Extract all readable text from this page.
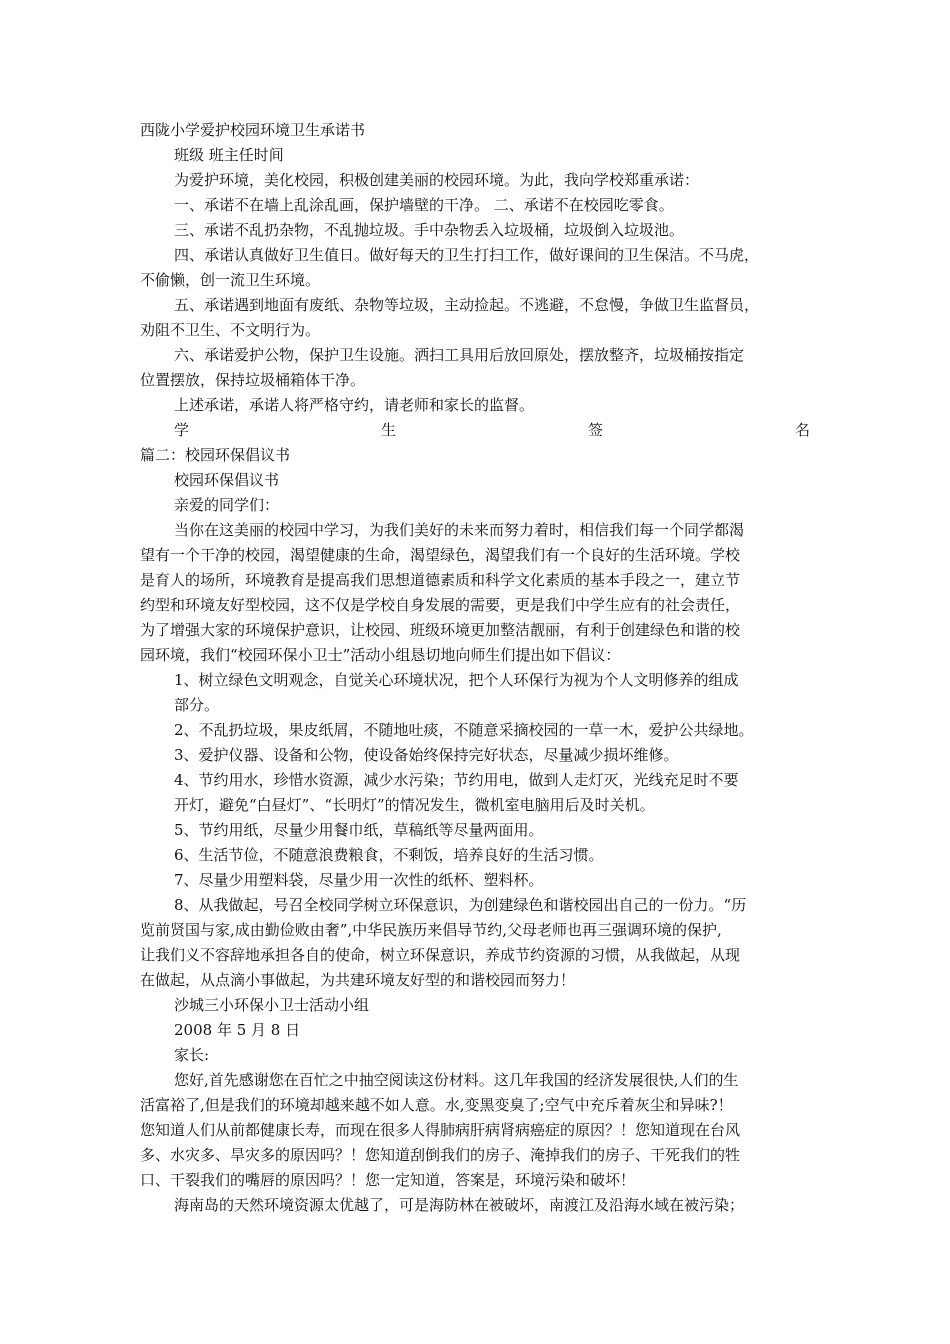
西陇小学爱护校园环境卫生承诺书
班级 班主任时间
为爱护环境，美化校园，积极创建美丽的校园环境。为此，我向学校郑重承诺：
一、承诺不在墙上乱涂乱画，保护墙壁的干净。 二、承诺不在校园吃零食。
三、承诺不乱扔杂物，不乱抛垃圾。手中杂物丢入垃圾桶，垃圾倒入垃圾池。
四、承诺认真做好卫生值日。做好每天的卫生打扫工作，做好课间的卫生保洁。不马虎，
不偷懒，创一流卫生环境。
五、承诺遇到地面有废纸、杂物等垃圾，主动捡起。不逃避，不怠慢，争做卫生监督员，
劝阻不卫生、不文明行为。
六、承诺爱护公物，保护卫生设施。洒扫工具用后放回原处，摆放整齐，垃圾桶按指定
位置摆放，保持垃圾桶箱体干净。
上述承诺，承诺人将严格守约，请老师和家长的监督。
学	生	签	名
篇二：校园环保倡议书
校园环保倡议书
亲爱的同学们：
当你在这美丽的校园中学习，为我们美好的未来而努力着时，相信我们每一个同学都渴
望有一个干净的校园，渴望健康的生命，渴望绿色，渴望我们有一个良好的生活环境。学校
是育人的场所，环境教育是提高我们思想道德素质和科学文化素质的基本手段之一，建立节
约型和环境友好型校园，这不仅是学校自身发展的需要，更是我们中学生应有的社会责任，
为了增强大家的环境保护意识，让校园、班级环境更加整洁靓丽，有利于创建绿色和谐的校
园环境，我们“校园环保小卫士”活动小组恳切地向师生们提出如下倡议：
1、树立绿色文明观念，自觉关心环境状况，把个人环保行为视为个人文明修养的组成
部分。
2、不乱扔垃圾，果皮纸屑，不随地吐痰，不随意采摘校园的一草一木，爱护公共绿地。
3、爱护仪器、设备和公物，使设备始终保持完好状态，尽量减少损坏维修。
4、节约用水，珍惜水资源，减少水污染；节约用电，做到人走灯灭，光线充足时不要
开灯，避免“白昼灯”、“长明灯”的情况发生，微机室电脑用后及时关机。
5、节约用纸，尽量少用餐巾纸，草稿纸等尽量两面用。
6、生活节俭，不随意浪费粮食，不剩饭，培养良好的生活习惯。
7、尽量少用塑料袋，尽量少用一次性的纸杯、塑料杯。
8、从我做起，号召全校同学树立环保意识，为创建绿色和谐校园出自己的一份力。“历
览前贤国与家,成由勤俭败由奢”,中华民族历来倡导节约,父母老师也再三强调环境的保护,
让我们义不容辞地承担各自的使命，树立环保意识，养成节约资源的习惯，从我做起，从现
在做起，从点滴小事做起，为共建环境友好型的和谐校园而努力！
沙城三小环保小卫士活动小组
2008 年 5 月 8 日
家长:
您好,首先感谢您在百忙之中抽空阅读这份材料。这几年我国的经济发展很快,人们的生
活富裕了,但是我们的环境却越来越不如人意。水,变黑变臭了;空气中充斥着灰尘和异味?！
您知道人们从前都健康长寿，而现在很多人得肺病肝病肾病癌症的原因？！您知道现在台风
多、水灾多、旱灾多的原因吗？！您知道刮倒我们的房子、淹掉我们的房子、干死我们的牲
口、干裂我们的嘴唇的原因吗？！您一定知道，答案是，环境污染和破坏！
海南岛的天然环境资源太优越了，可是海防林在被破坏，南渡江及沿海水域在被污染；
